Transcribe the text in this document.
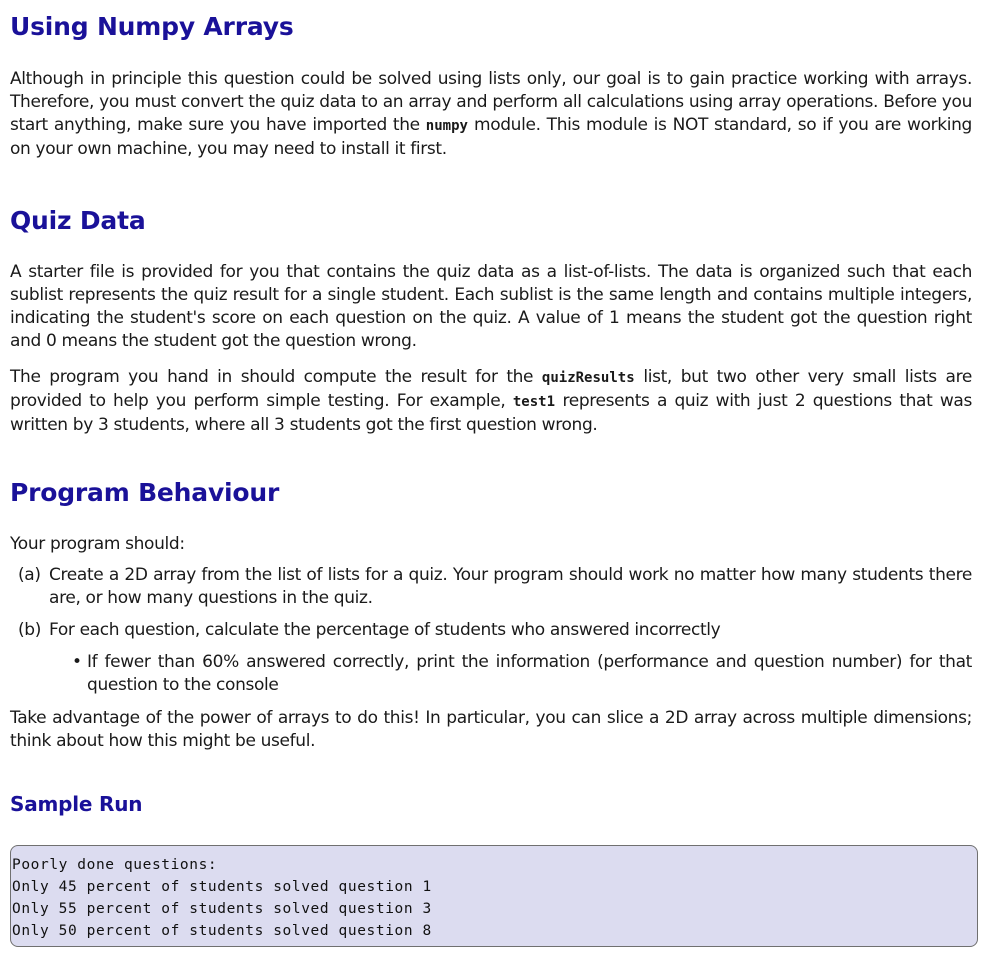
Using Numpy Arrays

Although in principle this question could be solved using lists only, our goal is to gain practice working with arrays. Therefore, you must convert the quiz data to an array and perform all calculations using array operations. Before you start anything, make sure you have imported the numpy module. This module is NOT standard, so if you are working on your own machine, you may need to install it first.

Quiz Data

A starter file is provided for you that contains the quiz data as a list-of-lists. The data is organized such that each sublist represents the quiz result for a single student. Each sublist is the same length and contains multiple integers, indicating the student's score on each question on the quiz. A value of 1 means the student got the question right and 0 means the student got the question wrong.

The program you hand in should compute the result for the quizResults list, but two other very small lists are provided to help you perform simple testing. For example, test1 represents a quiz with just 2 questions that was written by 3 students, where all 3 students got the first question wrong.

Program Behaviour

Your program should:

(a) Create a 2D array from the list of lists for a quiz. Your program should work no matter how many students there are, or how many questions in the quiz.
(b) For each question, calculate the percentage of students who answered incorrectly
• If fewer than 60% answered correctly, print the information (performance and question number) for that question to the console

Take advantage of the power of arrays to do this! In particular, you can slice a 2D array across multiple dimensions; think about how this might be useful.

Sample Run
Poorly done questions:
Only 45 percent of students solved question 1
Only 55 percent of students solved question 3
Only 50 percent of students solved question 8
